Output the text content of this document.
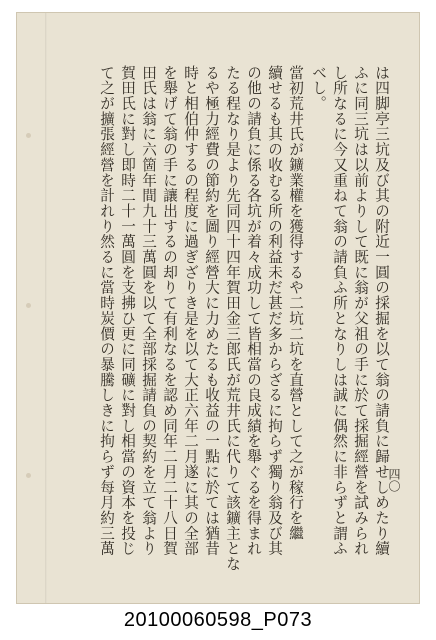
は四脚亭三坑及び其の附近一圓の採掘を以て翁の請負に歸せしめたり續
ふに同三坑は以前よりして既に翁が父祖の手に於て採掘經營を試みられ
し所なるに今又重ねて翁の請負ふ所となりしは誠に偶然に非らずと謂ふ
べし。
當初荒井氏が鑛業權を獲得するや二坑二坑を直營として之が稼行を繼
續せるも其の收むる所の利益未だ甚だ多からざるに拘らず獨り翁及び其
の他の請負に係る各坑が着々成功して皆相當の良成績を舉ぐるを得まれ
たる程なり是より先同四十四年賀田金三郎氏が荒井氏に代りて該鑛主とな
るや極力經費の節約を圖り經營大に力めたるも收益の一點に於ては猶昔
時と相伯仲するの程度に過ぎざりき是を以て大正六年二月遂に其の全部
を舉げて翁の手に讓出するの却りて有利なるを認め同年二月二十八日賀
田氏は翁に六箇年間九十三萬圓を以て全部採掘請負の契約を立て翁より
賀田氏に對し即時二十一萬圓を支拂ひ更に同礦に對し相當の資本を投じ
て之が擴張經營を計れり然るに當時炭價の暴騰しきに拘らず每月約三萬	四〇
20100060598_P073
